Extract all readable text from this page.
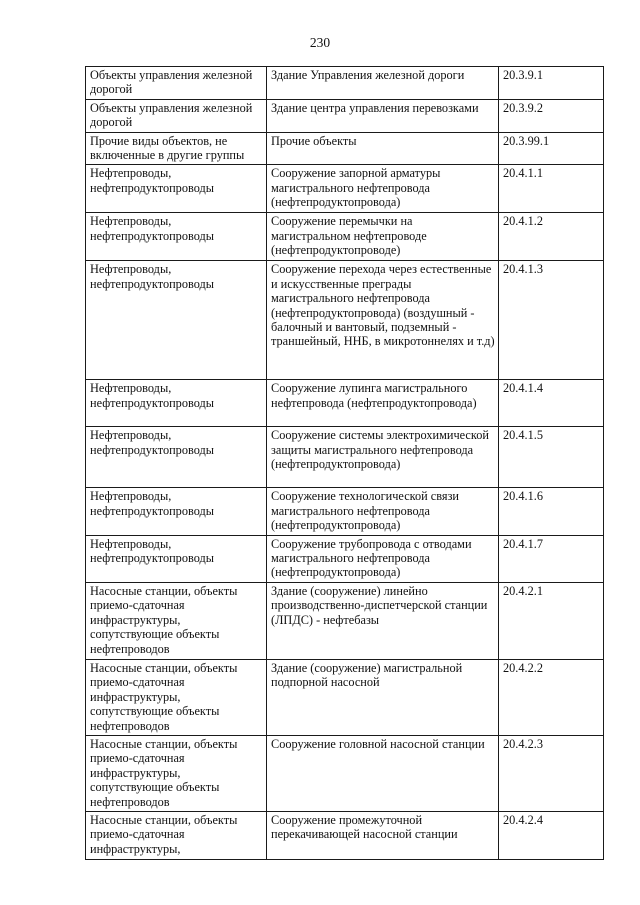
230
Объекты управления железной дорогой	Здание Управления железной дороги	20.3.9.1
Объекты управления железной дорогой	Здание центра управления перевозками	20.3.9.2
Прочие виды объектов, не включенные в другие группы	Прочие объекты	20.3.99.1
Нефтепроводы, нефтепродуктопроводы	Сооружение запорной арматуры магистрального нефтепровода (нефтепродуктопровода)	20.4.1.1
Нефтепроводы, нефтепродуктопроводы	Сооружение перемычки на магистральном нефтепроводе (нефтепродуктопроводе)	20.4.1.2
Нефтепроводы, нефтепродуктопроводы	Сооружение перехода через естественные и искусственные преграды магистрального нефтепровода (нефтепродуктопровода) (воздушный - балочный и вантовый, подземный - траншейный, ННБ, в микротоннелях и т.д)	20.4.1.3
Нефтепроводы, нефтепродуктопроводы	Сооружение лупинга магистрального нефтепровода (нефтепродуктопровода)	20.4.1.4
Нефтепроводы, нефтепродуктопроводы	Сооружение системы электрохимической защиты магистрального нефтепровода (нефтепродуктопровода)	20.4.1.5
Нефтепроводы, нефтепродуктопроводы	Сооружение технологической связи магистрального нефтепровода (нефтепродуктопровода)	20.4.1.6
Нефтепроводы, нефтепродуктопроводы	Сооружение трубопровода с отводами магистрального нефтепровода (нефтепродуктопровода)	20.4.1.7
Насосные станции, объекты приемо-сдаточная инфраструктуры, сопутствующие объекты нефтепроводов	Здание (сооружение) линейно производственно-диспетчерской станции (ЛПДС) - нефтебазы	20.4.2.1
Насосные станции, объекты приемо-сдаточная инфраструктуры, сопутствующие объекты нефтепроводов	Здание (сооружение) магистральной подпорной насосной	20.4.2.2
Насосные станции, объекты приемо-сдаточная инфраструктуры, сопутствующие объекты нефтепроводов	Сооружение головной насосной станции	20.4.2.3
Насосные станции, объекты приемо-сдаточная инфраструктуры,	Сооружение промежуточной перекачивающей насосной станции	20.4.2.4
